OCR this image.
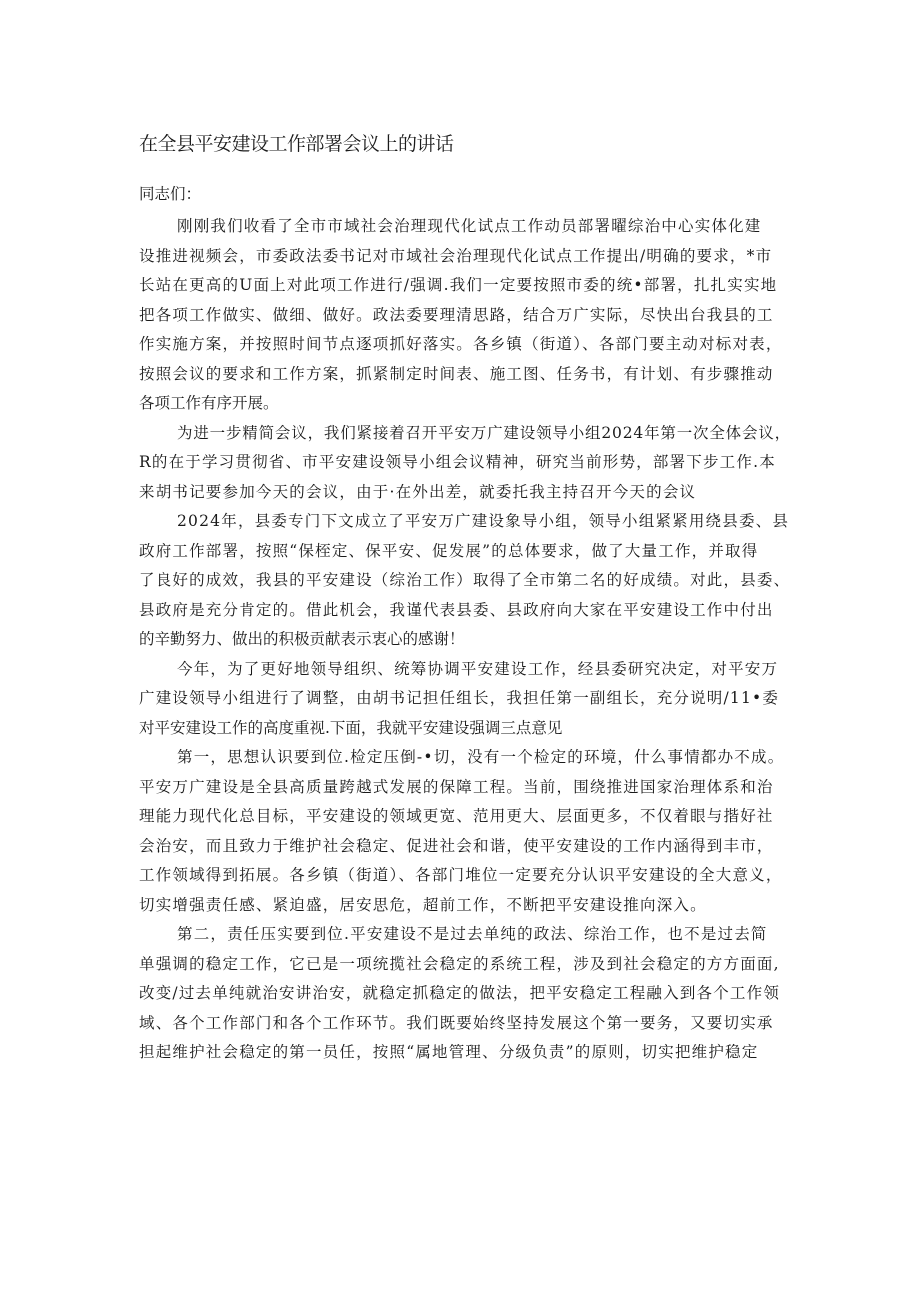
在全县平安建设工作部署会议上的讲话
同志们：
刚刚我们收看了全市市域社会治理现代化试点工作动员部署曜综治中心实体化建
设推进视频会，市委政法委书记对市域社会治理现代化试点工作提出/明确的要求，*市
长站在更高的U面上对此项工作进行/强调.我们一定要按照市委的统•部署，扎扎实实地
把各项工作做实、做细、做好。政法委要理清思路，结合万广实际，尽快出台我县的工
作实施方案，并按照时间节点逐项抓好落实。各乡镇（街道）、各部门要主动对标对表，
按照会议的要求和工作方案，抓紧制定时间表、施工图、任务书，有计划、有步骤推动
各项工作有序开展。
为进一步精简会议，我们紧接着召开平安万广建设领导小组2024年第一次全体会议，
R的在于学习贯彻省、市平安建设领导小组会议精神，研究当前形势，部署下步工作.本
来胡书记要参加今天的会议，由于·在外出差，就委托我主持召开今天的会议
2024年，县委专门下文成立了平安万广建设象导小组，领导小组紧紧用绕县委、县
政府工作部署，按照“保桎定、保平安、促发展”的总体要求，做了大量工作，并取得
了良好的成效，我县的平安建设（综治工作）取得了全市第二名的好成绩。对此，县委、
县政府是充分肯定的。借此机会，我谨代表县委、县政府向大家在平安建设工作中付出
的辛勤努力、做出的积极贡献表示衷心的感谢！
今年，为了更好地领导组织、统筹协调平安建设工作，经县委研究决定，对平安万
广建设领导小组进行了调整，由胡书记担任组长，我担任第一副组长，充分说明/11•委
对平安建设工作的高度重视.下面，我就平安建设强调三点意见
第一，思想认识要到位.检定压倒-•切，没有一个检定的环境，什么事情都办不成。
平安万广建设是全县高质量跨越式发展的保障工程。当前，围绕推进国家治理体系和治
理能力现代化总目标，平安建设的领域更宽、范用更大、层面更多，不仅着眼与揩好社
会治安，而且致力于维护社会稳定、促进社会和谐，使平安建设的工作内涵得到丰市，
工作领域得到拓展。各乡镇（街道）、各部门堆位一定要充分认识平安建设的全大意义，
切实增强责任感、紧迫盛，居安思危，超前工作，不断把平安建设推向深入。
第二，责任压实要到位.平安建设不是过去单纯的政法、综治工作，也不是过去简
单强调的稳定工作，它已是一项统揽社会稳定的系统工程，涉及到社会稳定的方方面面,
改变/过去单纯就治安讲治安，就稳定抓稳定的做法，把平安稳定工程融入到各个工作领
域、各个工作部门和各个工作环节。我们既要始终坚持发展这个第一要务，又要切实承
担起维护社会稳定的第一员任，按照“属地管理、分级负责”的原则，切实把维护稳定
